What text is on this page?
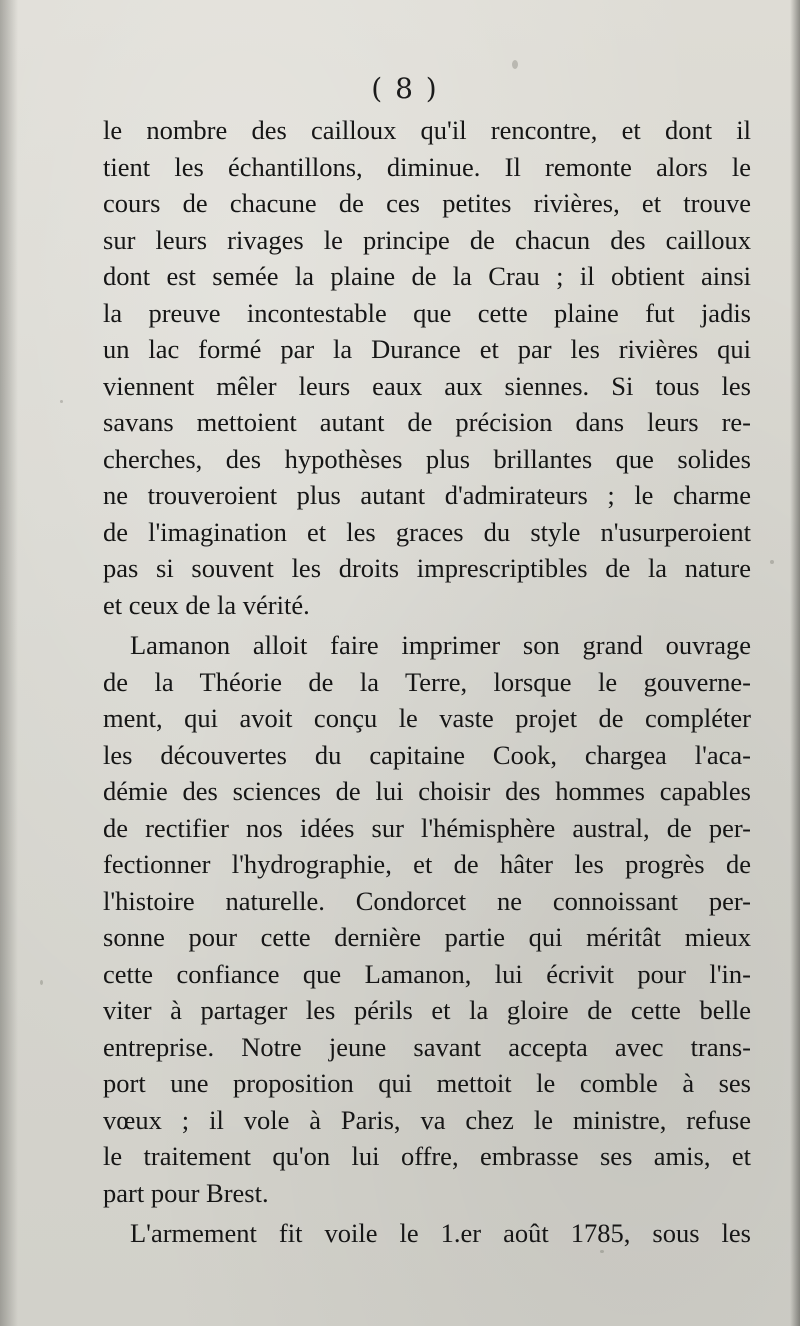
( 8 )
le nombre des cailloux qu'il rencontre, et dont il
tient les échantillons, diminue. Il remonte alors le
cours de chacune de ces petites rivières, et trouve
sur leurs rivages le principe de chacun des cailloux
dont est semée la plaine de la Crau ; il obtient ainsi
la preuve incontestable que cette plaine fut jadis
un lac formé par la Durance et par les rivières qui
viennent mêler leurs eaux aux siennes. Si tous les
savans mettoient autant de précision dans leurs re-
cherches, des hypothèses plus brillantes que solides
ne trouveroient plus autant d'admirateurs ; le charme
de l'imagination et les graces du style n'usurperoient
pas si souvent les droits imprescriptibles de la nature
et ceux de la vérité.
Lamanon alloit faire imprimer son grand ouvrage
de la Théorie de la Terre, lorsque le gouverne-
ment, qui avoit conçu le vaste projet de compléter
les découvertes du capitaine Cook, chargea l'aca-
démie des sciences de lui choisir des hommes capables
de rectifier nos idées sur l'hémisphère austral, de per-
fectionner l'hydrographie, et de hâter les progrès de
l'histoire naturelle. Condorcet ne connoissant per-
sonne pour cette dernière partie qui méritât mieux
cette confiance que Lamanon, lui écrivit pour l'in-
viter à partager les périls et la gloire de cette belle
entreprise. Notre jeune savant accepta avec trans-
port une proposition qui mettoit le comble à ses
vœux ; il vole à Paris, va chez le ministre, refuse
le traitement qu'on lui offre, embrasse ses amis, et
part pour Brest.
L'armement fit voile le 1.er août 1785, sous les
